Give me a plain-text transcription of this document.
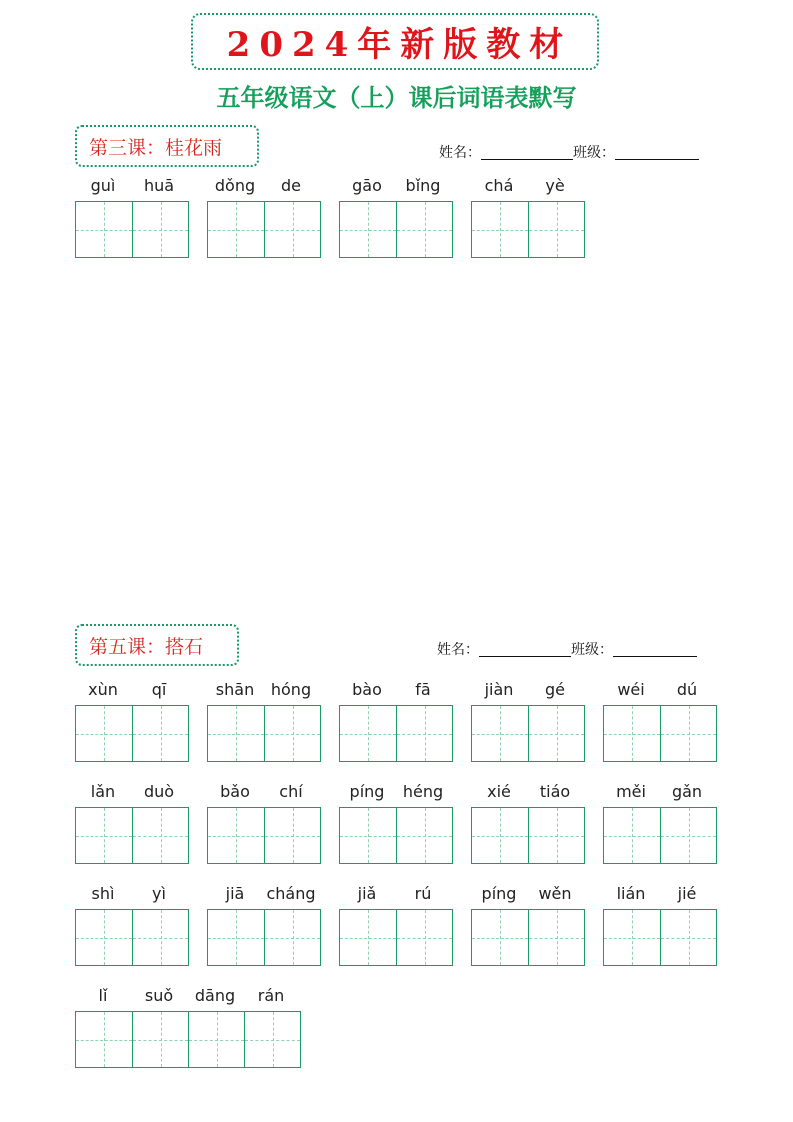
2024年新版教材
五年级语文（上）课后词语表默写
第三课：桂花雨	姓名：	班级：
guì	huā	dǒng	de	gāo	bǐng	chá	yè
第五课：搭石	姓名：	班级：
xùn	qī	shān	hóng	bào	fā	jiàn	gé	wéi	dú
lǎn	duò	bǎo	chí	píng	héng	xié	tiáo	měi	gǎn
shì	yì	jiā	cháng	jiǎ	rú	píng	wěn	lián	jié
lǐ	suǒ	dāng	rán
